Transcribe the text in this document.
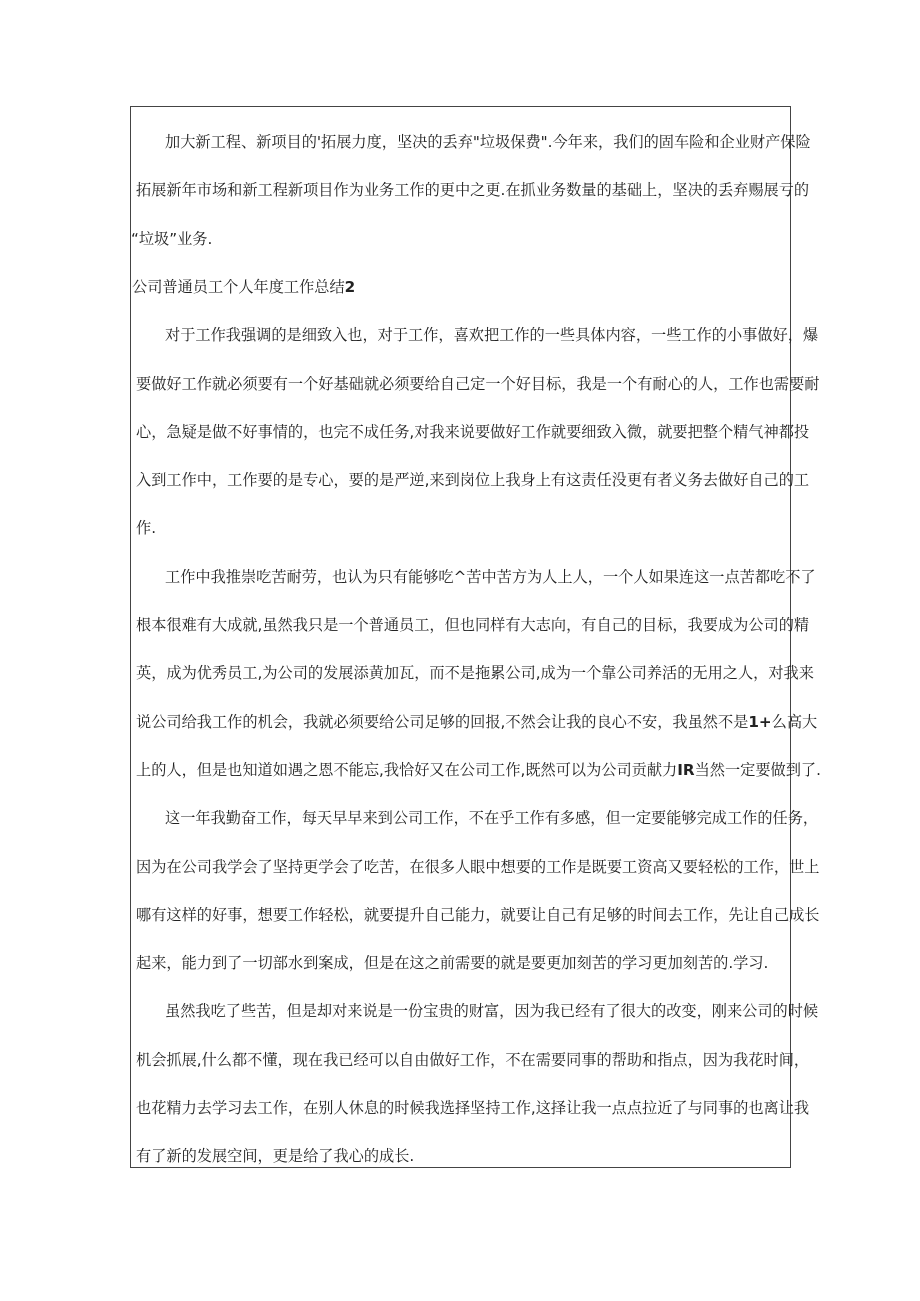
加大新工程、新项目的'拓展力度，坚决的丢弃"垃圾保费".今年来，我们的固车险和企业财产保险
拓展新年市场和新工程新项目作为业务工作的更中之更.在抓业务数量的基础上，坚决的丢弃赐展亏的
“垃圾”业务.
公司普通员工个人年度工作总结2
对于工作我强调的是细致入也，对于工作，喜欢把工作的一些具体内容，一些工作的小事做好，爆
要做好工作就必须要有一个好基础就必须要给自己定一个好目标，我是一个有耐心的人，工作也需要耐
心，急疑是做不好事情的，也完不成任务,对我来说要做好工作就要细致入微，就要把整个精气神都投
入到工作中，工作要的是专心，要的是严逆,来到岗位上我身上有这责任没更有者义务去做好自己的工
作.
工作中我推崇吃苦耐劳，也认为只有能够吃^苦中苦方为人上人，一个人如果连这一点苦都吃不了
根本很难有大成就,虽然我只是一个普通员工，但也同样有大志向，有自己的目标，我要成为公司的精
英，成为优秀员工,为公司的发展添黄加瓦，而不是拖累公司,成为一个靠公司养活的无用之人，对我来
说公司给我工作的机会，我就必须要给公司足够的回报,不然会让我的良心不安，我虽然不是1+么高大
上的人，但是也知道如遇之恩不能忘,我恰好又在公司工作,既然可以为公司贡献力IR当然一定要做到了.
这一年我勤奋工作，每天早早来到公司工作，不在乎工作有多感，但一定要能够完成工作的任务，
因为在公司我学会了坚持更学会了吃苦，在很多人眼中想要的工作是既要工资高又要轻松的工作，世上
哪有这样的好事，想要工作轻松，就要提升自己能力，就要让自己有足够的时间去工作，先让自己成长
起来，能力到了一切部水到案成，但是在这之前需要的就是要更加刻苦的学习更加刻苦的.学习.
虽然我吃了些苦，但是却对来说是一份宝贵的财富，因为我已经有了很大的改变，刚来公司的时候
机会抓展,什么都不懂，现在我已经可以自由做好工作，不在需要同事的帮助和指点，因为我花时间，
也花精力去学习去工作，在别人休息的时候我选择坚持工作,这择让我一点点拉近了与同事的也离让我
有了新的发展空间，更是给了我心的成长.
